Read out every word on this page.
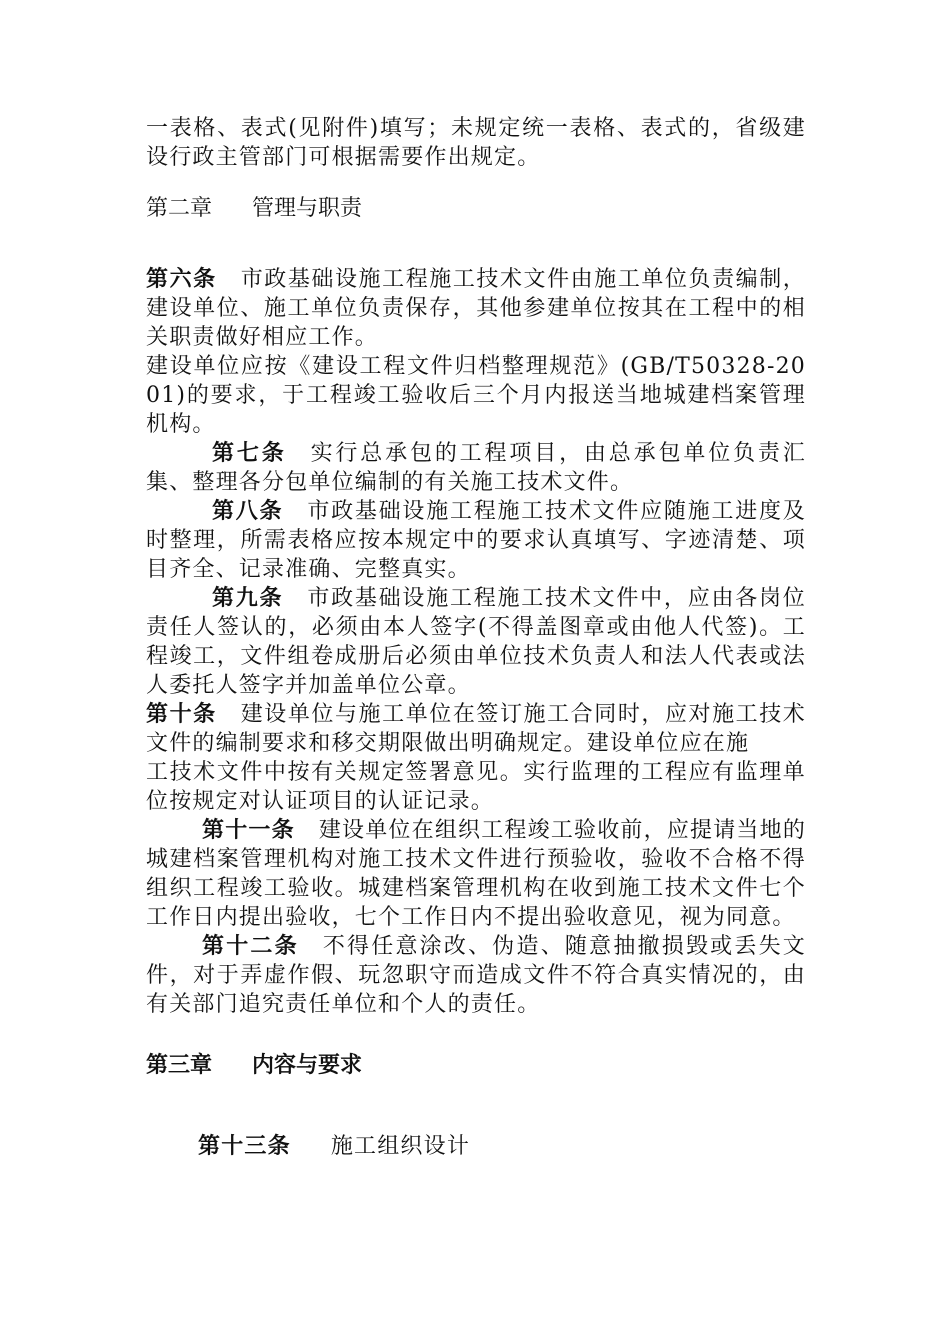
一表格、表式(见附件)填写；未规定统一表格、表式的，省级建设行政主管部门可根据需要作出规定。

第二章 管理与职责

第六条 市政基础设施工程施工技术文件由施工单位负责编制，建设单位、施工单位负责保存，其他参建单位按其在工程中的相关职责做好相应工作。

建设单位应按《建设工程文件归档整理规范》(GB/T50328-2001)的要求，于工程竣工验收后三个月内报送当地城建档案管理机构。

第七条 实行总承包的工程项目，由总承包单位负责汇集、整理各分包单位编制的有关施工技术文件。

第八条 市政基础设施工程施工技术文件应随施工进度及时整理，所需表格应按本规定中的要求认真填写、字迹清楚、项目齐全、记录准确、完整真实。

第九条 市政基础设施工程施工技术文件中，应由各岗位责任人签认的，必须由本人签字(不得盖图章或由他人代签)。工程竣工，文件组卷成册后必须由单位技术负责人和法人代表或法人委托人签字并加盖单位公章。

第十条 建设单位与施工单位在签订施工合同时，应对施工技术文件的编制要求和移交期限做出明确规定。建设单位应在施

工技术文件中按有关规定签署意见。实行监理的工程应有监理单位按规定对认证项目的认证记录。

第十一条 建设单位在组织工程竣工验收前，应提请当地的城建档案管理机构对施工技术文件进行预验收，验收不合格不得组织工程竣工验收。城建档案管理机构在收到施工技术文件七个工作日内提出验收，七个工作日内不提出验收意见，视为同意。

第十二条 不得任意涂改、伪造、随意抽撤损毁或丢失文件，对于弄虚作假、玩忽职守而造成文件不符合真实情况的，由有关部门追究责任单位和个人的责任。

第三章 内容与要求

第十三条 施工组织设计
